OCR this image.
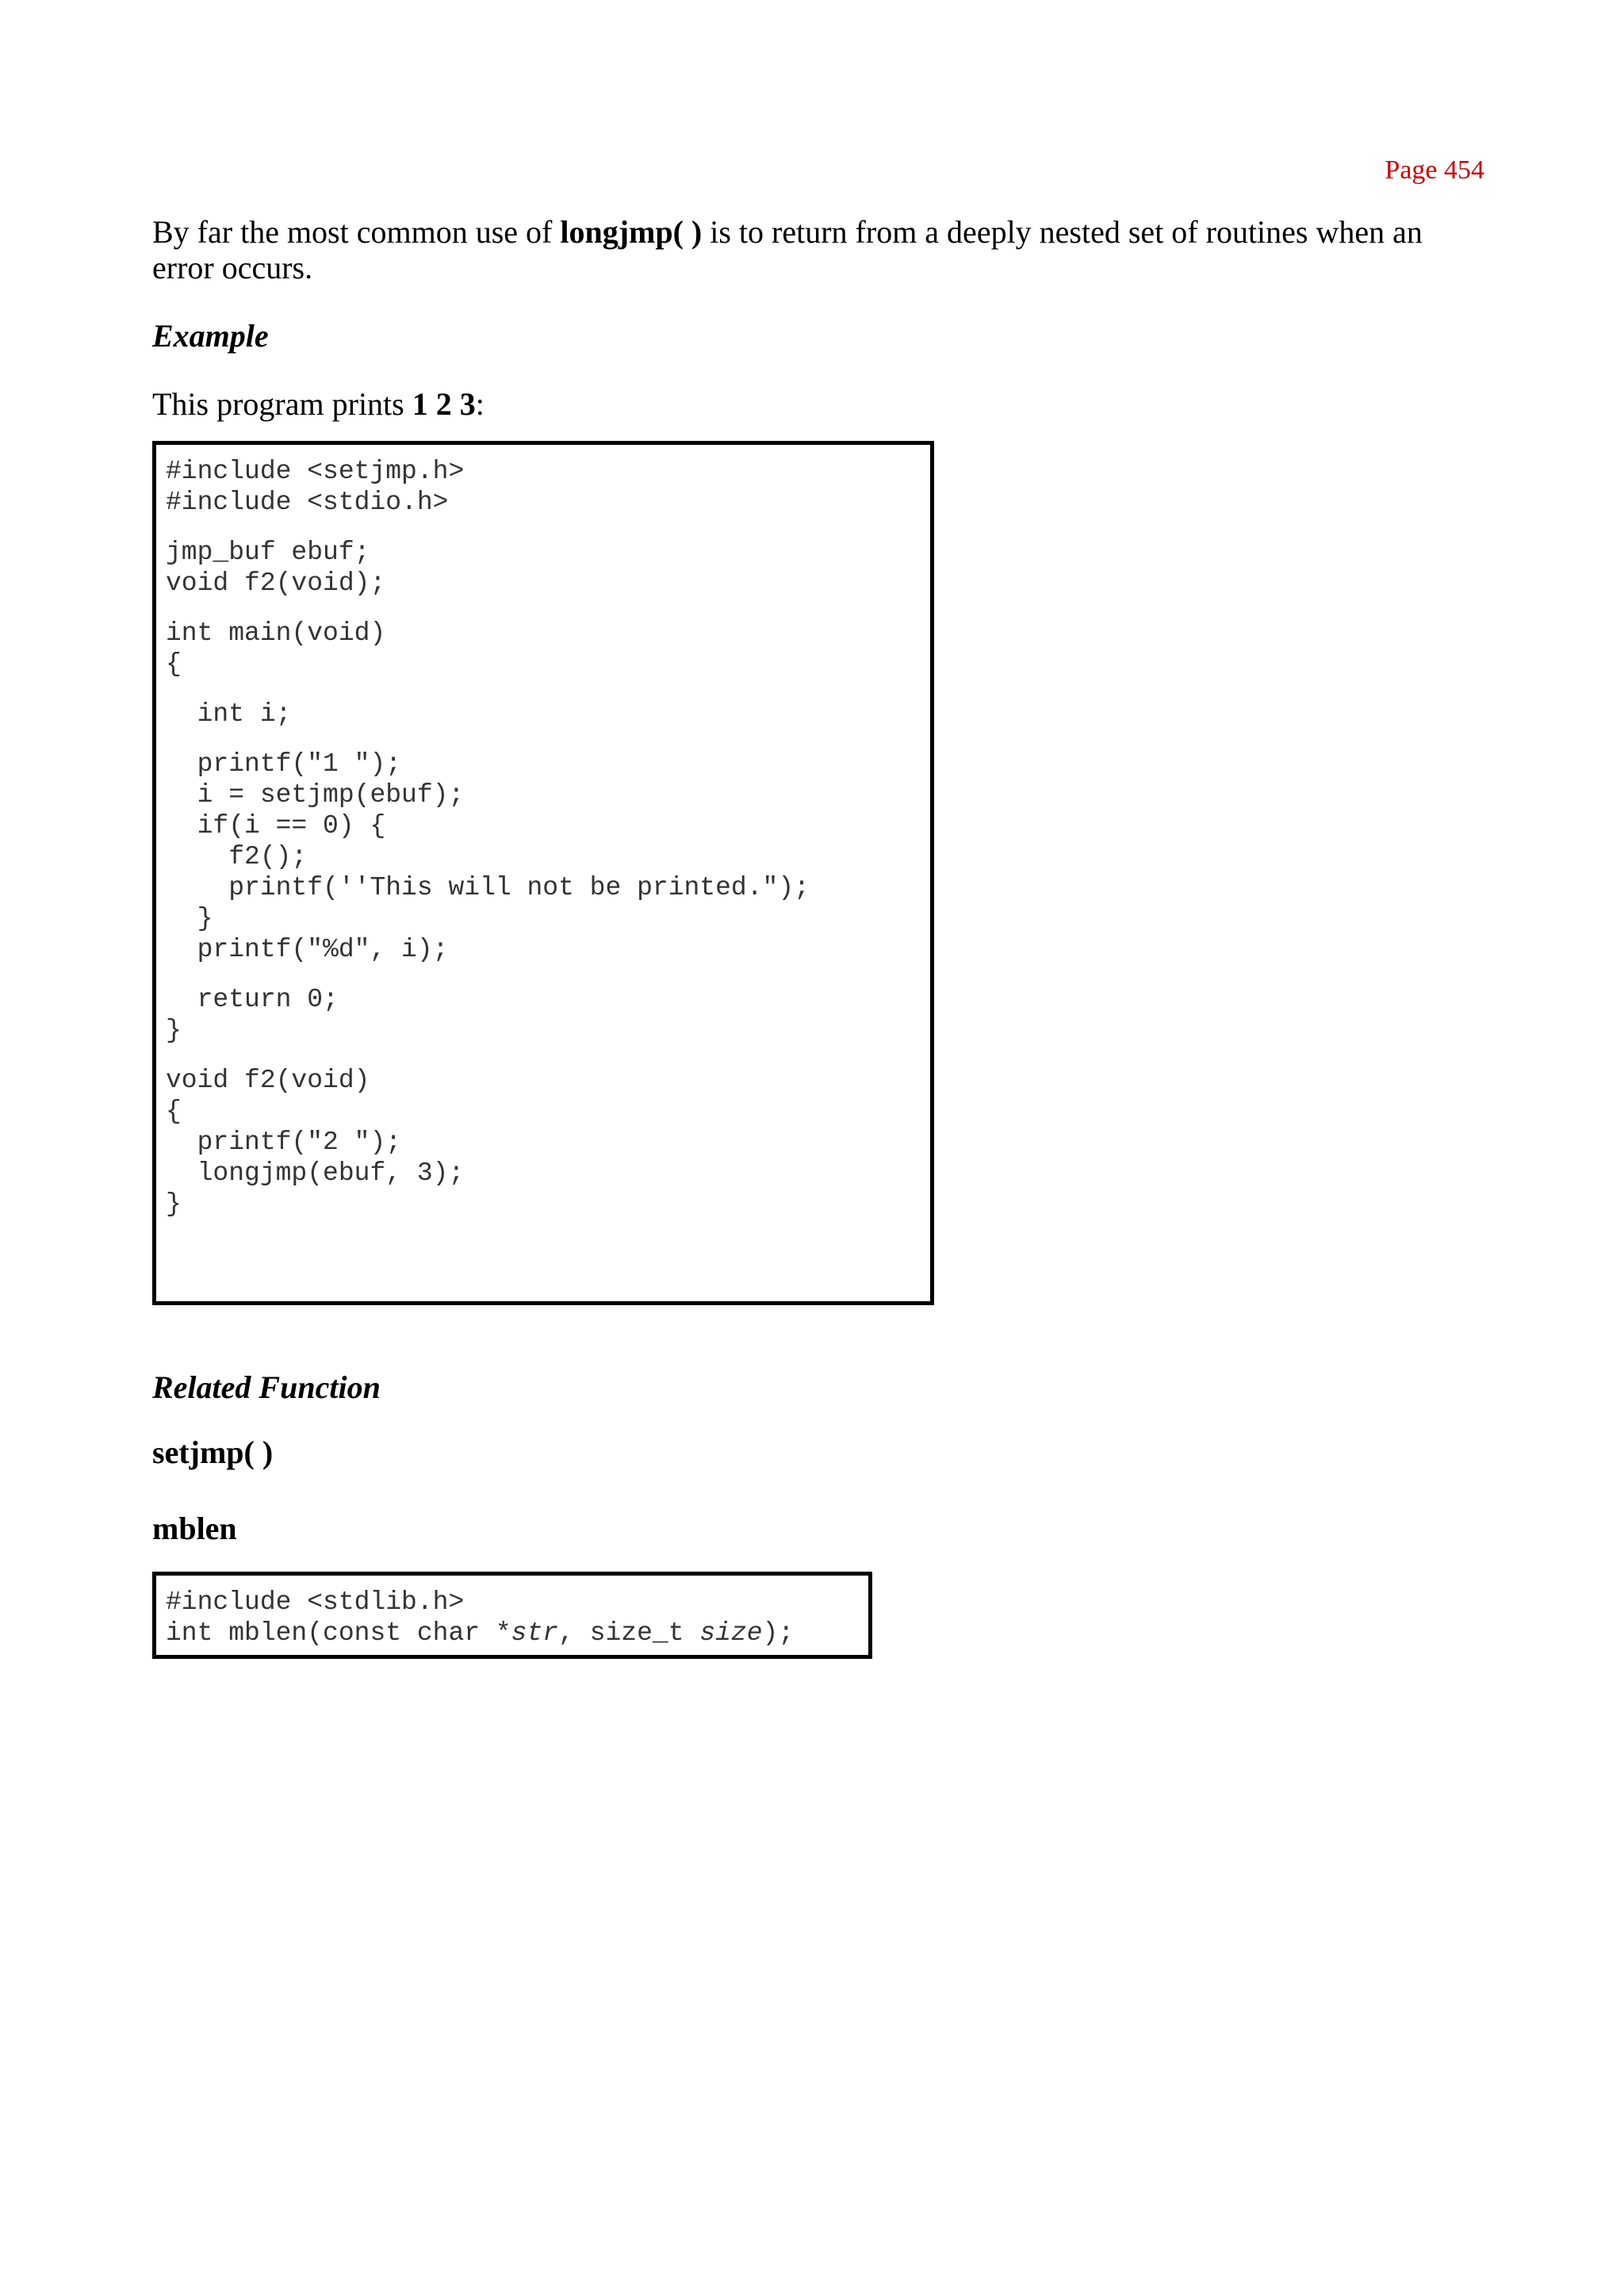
Page 454

By far the most common use of longjmp( ) is to return from a deeply nested set of routines when an error occurs.

Example
This program prints 1 2 3:
#include <setjmp.h>
#include <stdio.h>
jmp_buf ebuf;
void f2(void);
int main(void)
{
int i;
printf("1 ");
i = setjmp(ebuf);
if(i == 0) {
f2();
printf(''This will not be printed.");
}
printf("%d", i);
return 0;
}
void f2(void)
{
printf("2 ");
longjmp(ebuf, 3);
}
Related Function
setjmp( )
mblen
#include <stdlib.h>
int mblen(const char *str, size_t size);
